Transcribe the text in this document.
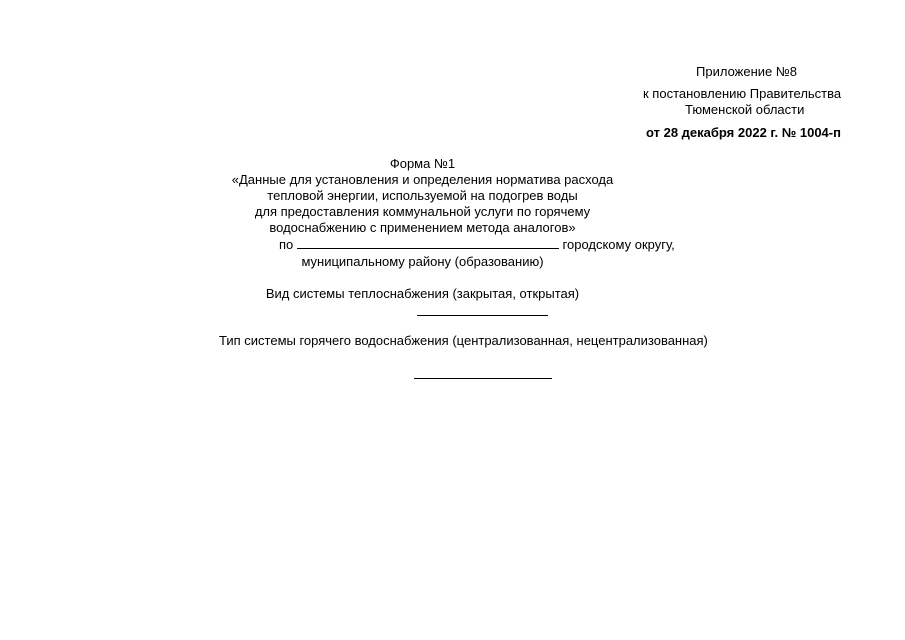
Приложение №8
к постановлению Правительства
Тюменской области
от 28 декабря 2022 г. № 1004-п
Форма №1
«Данные для установления и определения норматива расхода
тепловой энергии, используемой на подогрев воды
для предоставления коммунальной услуги по горячему
водоснабжению с применением метода аналогов»
по	городскому округу,
муниципальному району (образованию)
Вид системы теплоснабжения (закрытая, открытая)
Тип системы горячего водоснабжения (централизованная, нецентрализованная)
